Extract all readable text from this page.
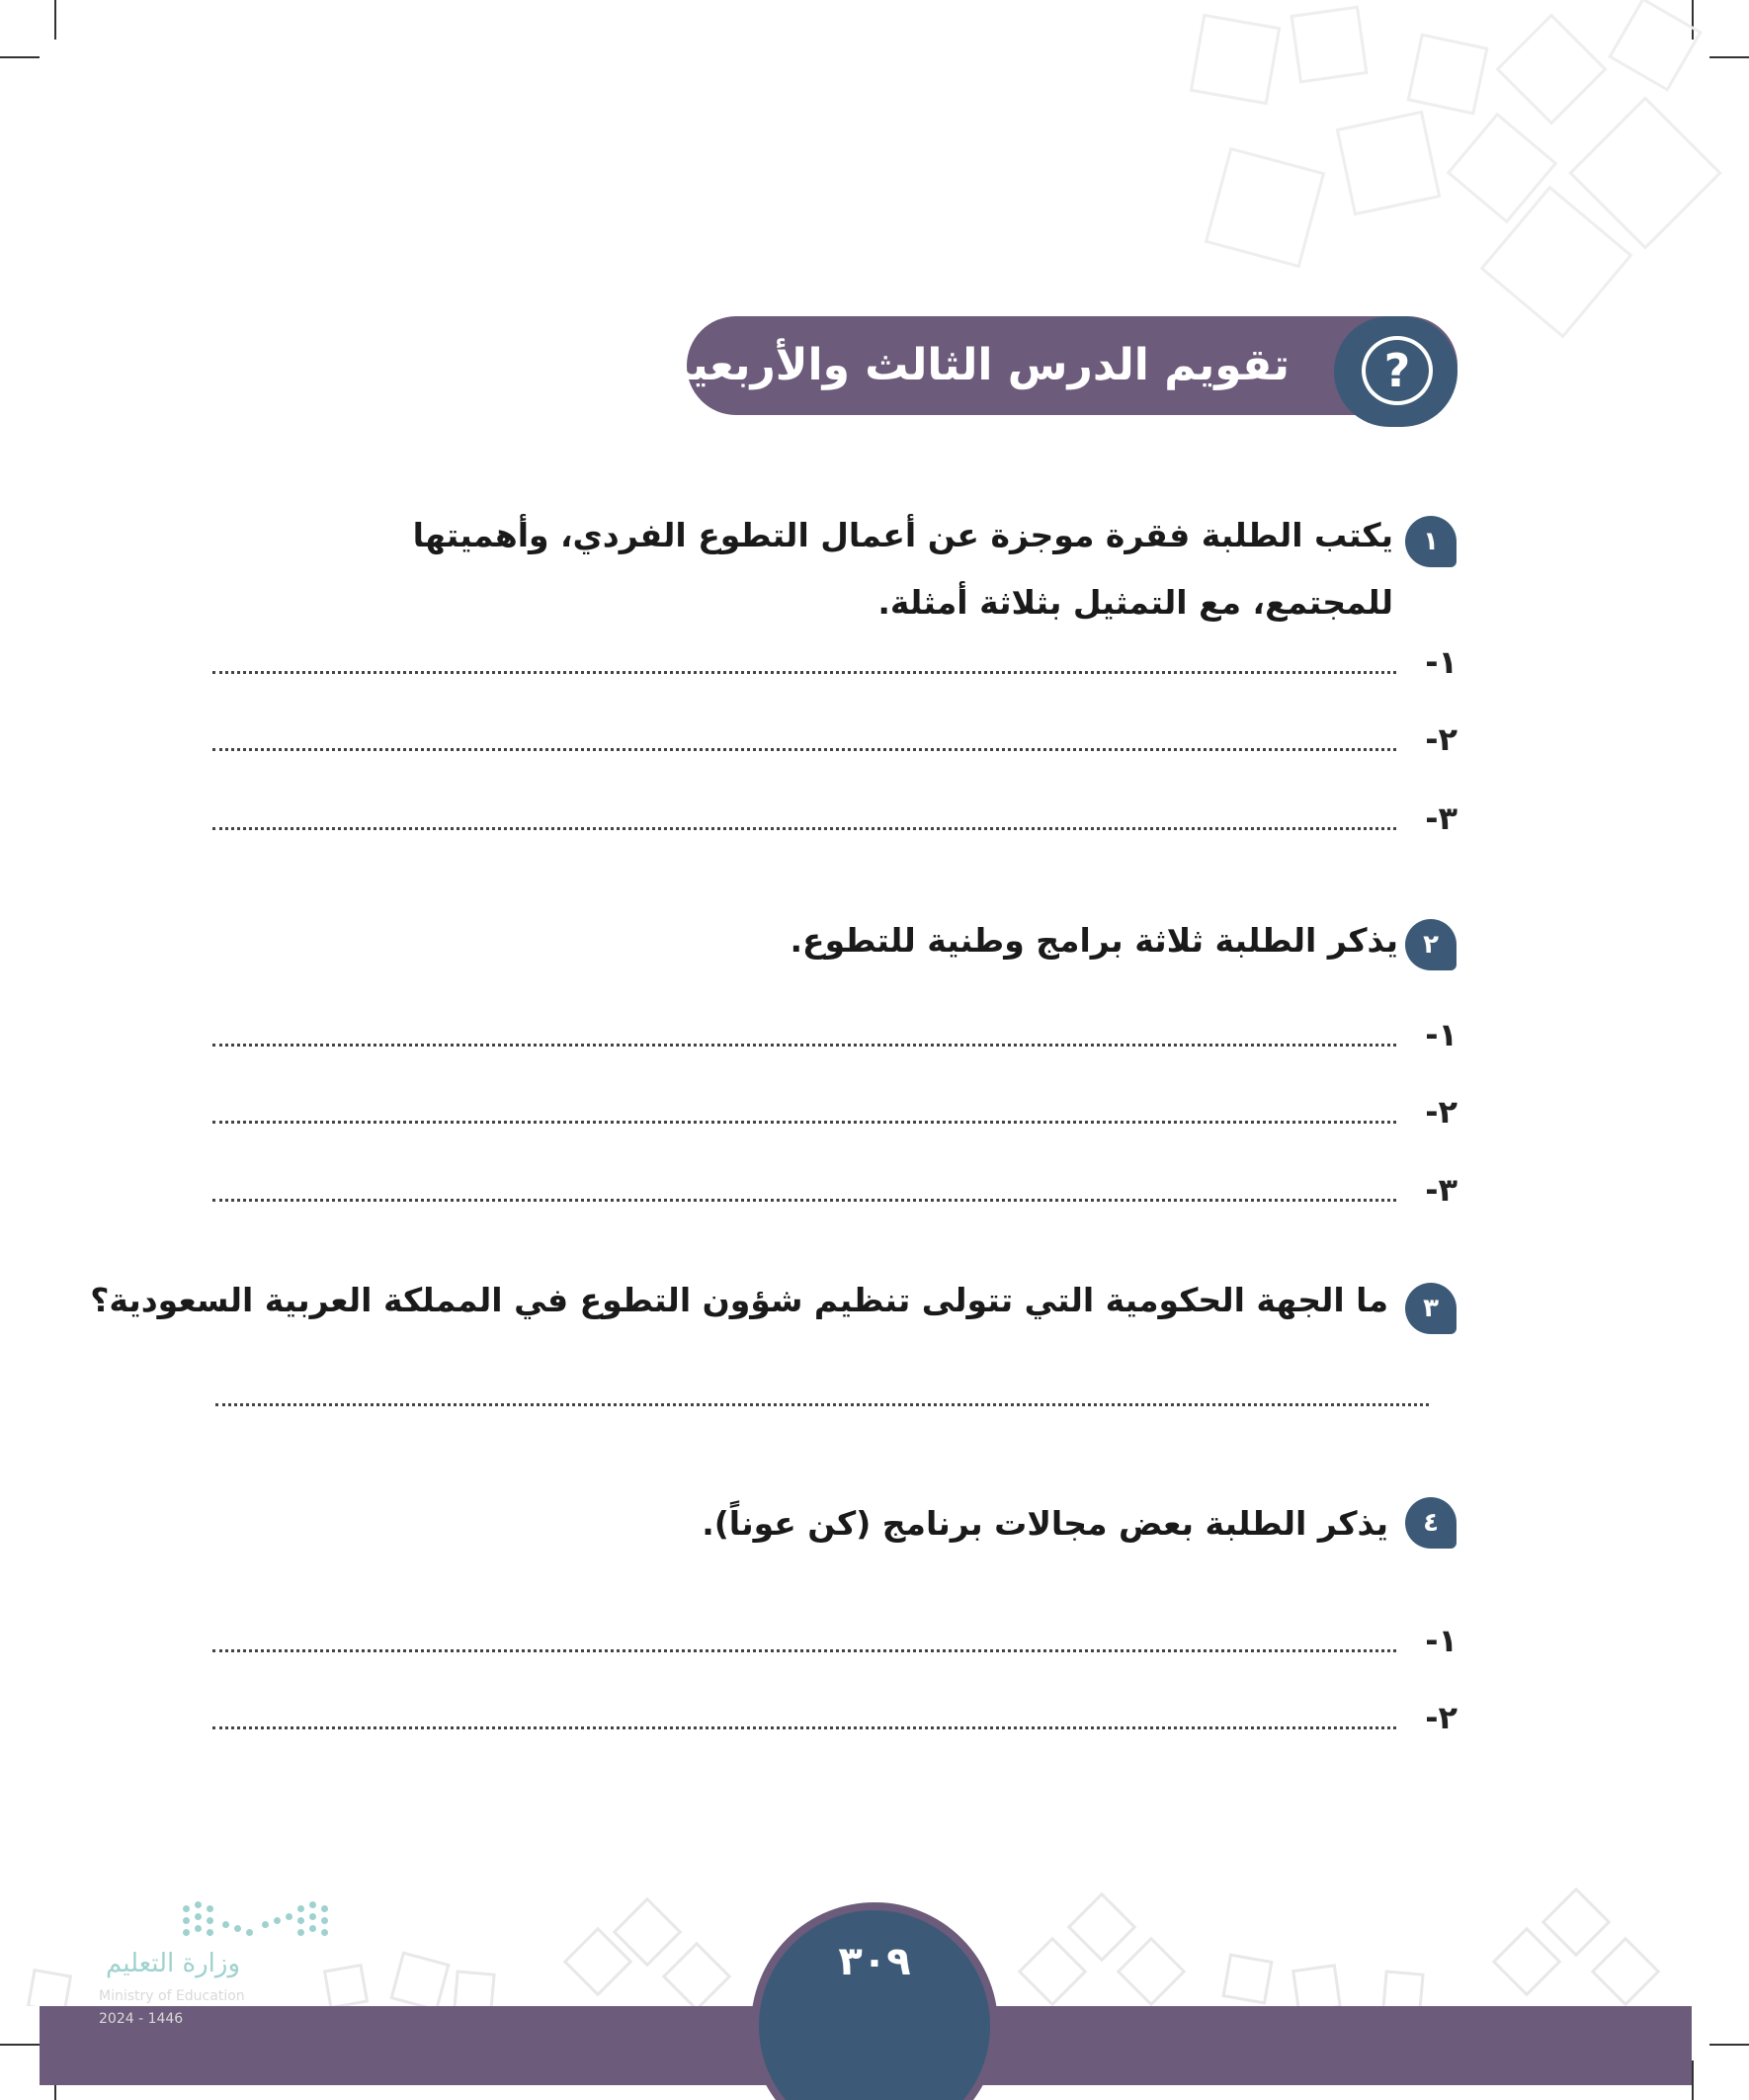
تقويم الدرس الثالث والأربعين	?
١
يكتب الطلبة فقرة موجزة عن أعمال التطوع الفردي، وأهميتها للمجتمع، مع التمثيل بثلاثة أمثلة.
١-
٢-
٣-
٢
يذكر الطلبة ثلاثة برامج وطنية للتطوع.
١-
٢-
٣-
٣
ما الجهة الحكومية التي تتولى تنظيم شؤون التطوع في المملكة العربية السعودية؟
٤
يذكر الطلبة بعض مجالات برنامج (كن عوناً).
١-
٢-
٣٠٩
وزارة التعليم
Ministry of Education
2024 - 1446
